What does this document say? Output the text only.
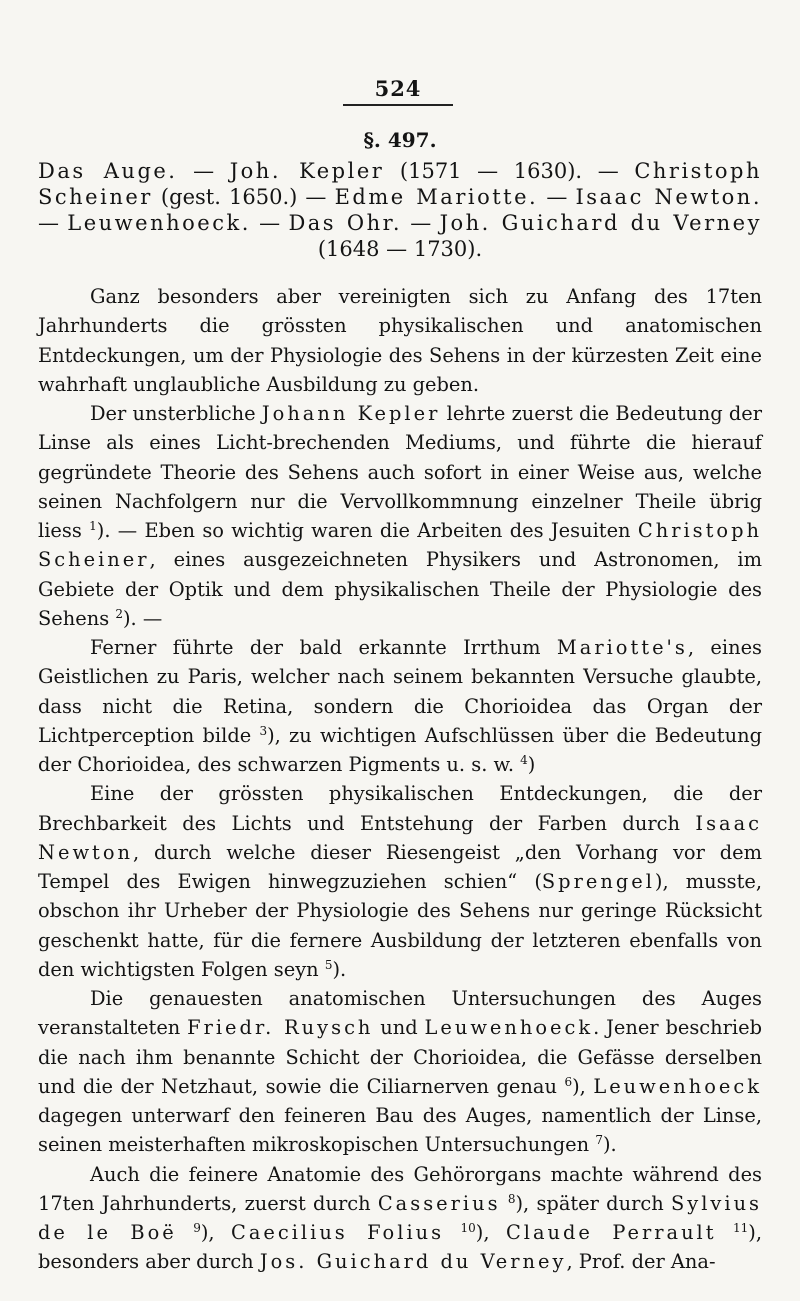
524
§. 497.
Das Auge. — Joh. Kepler (1571 — 1630). — Christoph Scheiner (gest. 1650.) — Edme Mariotte. — Isaac Newton. — Leuwenhoeck. — Das Ohr. — Joh. Guichard du Verney (1648 — 1730).

Ganz besonders aber vereinigten sich zu Anfang des 17ten Jahrhunderts die grössten physikalischen und anatomischen Entdeckungen, um der Physiologie des Sehens in der kürzesten Zeit eine wahrhaft unglaubliche Ausbildung zu geben.

Der unsterbliche Johann Kepler lehrte zuerst die Bedeutung der Linse als eines Licht-brechenden Mediums, und führte die hierauf gegründete Theorie des Sehens auch sofort in einer Weise aus, welche seinen Nachfolgern nur die Vervollkommnung einzelner Theile übrig liess $^1$). — Eben so wichtig waren die Arbeiten des Jesuiten Christoph Scheiner, eines ausgezeichneten Physikers und Astronomen, im Gebiete der Optik und dem physikalischen Theile der Physiologie des Sehens $^2$). —

Ferner führte der bald erkannte Irrthum Mariotte's, eines Geistlichen zu Paris, welcher nach seinem bekannten Versuche glaubte, dass nicht die Retina, sondern die Chorioidea das Organ der Lichtperception bilde $^3$), zu wichtigen Aufschlüssen über die Bedeutung der Chorioidea, des schwarzen Pigments u. s. w. $^4$)

Eine der grössten physikalischen Entdeckungen, die der Brechbarkeit des Lichts und Entstehung der Farben durch Isaac Newton, durch welche dieser Riesengeist „den Vorhang vor dem Tempel des Ewigen hinwegzuziehen schien“ (Sprengel), musste, obschon ihr Urheber der Physiologie des Sehens nur geringe Rücksicht geschenkt hatte, für die fernere Ausbildung der letzteren ebenfalls von den wichtigsten Folgen seyn $^5$).

Die genauesten anatomischen Untersuchungen des Auges veranstalteten Friedr. Ruysch und Leuwenhoeck. Jener beschrieb die nach ihm benannte Schicht der Chorioidea, die Gefässe derselben und die der Netzhaut, sowie die Ciliarnerven genau $^6$), Leuwenhoeck dagegen unterwarf den feineren Bau des Auges, namentlich der Linse, seinen meisterhaften mikroskopischen Untersuchungen $^7$).

Auch die feinere Anatomie des Gehörorgans machte während des 17ten Jahrhunderts, zuerst durch Casserius $^8$), später durch Sylvius de le Boë $^9$), Caecilius Folius $^{10}$), Claude Perrault $^{11}$), besonders aber durch Jos. Guichard du Verney, Prof. der Ana-
